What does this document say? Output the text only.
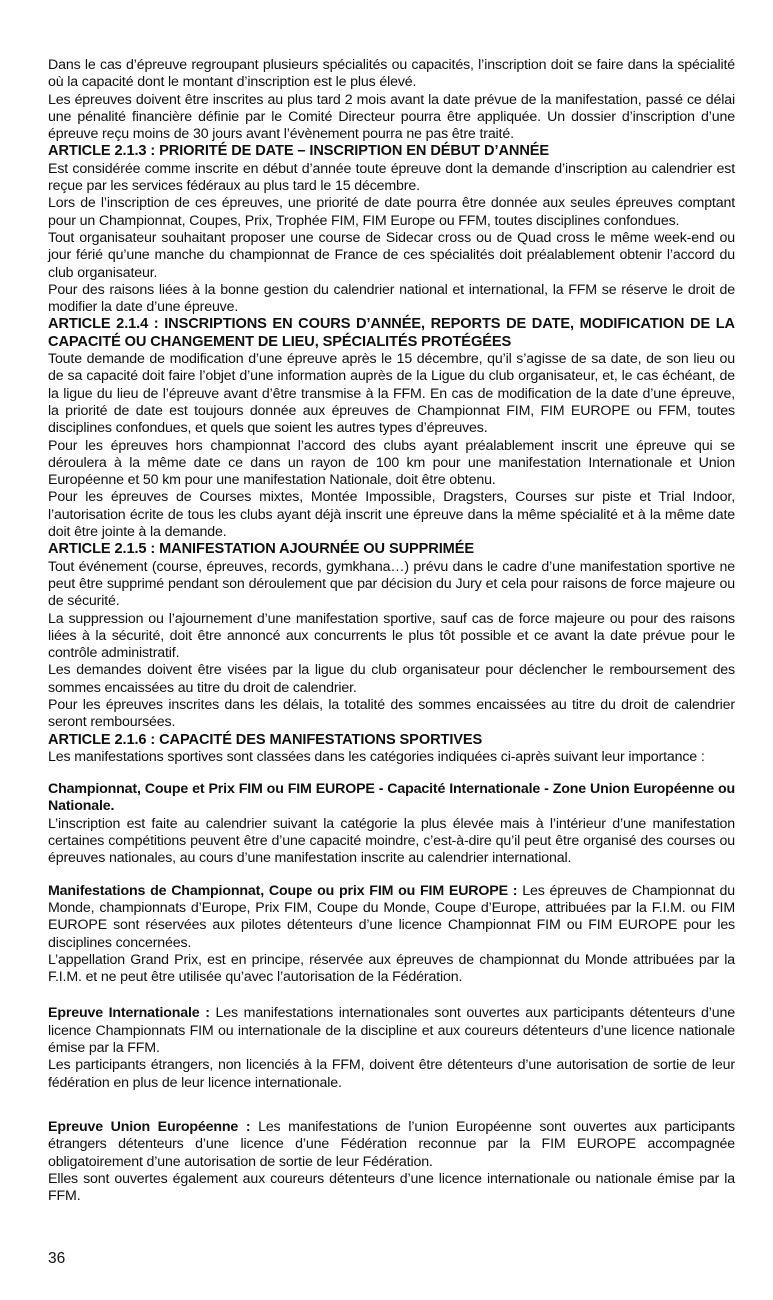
Dans le cas d’épreuve regroupant plusieurs spécialités ou capacités, l’inscription doit se faire dans la spécialité où la capacité dont le montant d’inscription est le plus élevé.

Les épreuves doivent être inscrites au plus tard 2 mois avant la date prévue de la manifestation, passé ce délai une pénalité financière définie par le Comité Directeur pourra être appliquée. Un dossier d’inscription d’une épreuve reçu moins de 30 jours avant l’évènement pourra ne pas être traité.

ARTICLE 2.1.3 : PRIORITÉ DE DATE – INSCRIPTION EN DÉBUT D’ANNÉE

Est considérée comme inscrite en début d’année toute épreuve dont la demande d’inscription au calendrier est reçue par les services fédéraux au plus tard le 15 décembre.

Lors de l’inscription de ces épreuves, une priorité de date pourra être donnée aux seules épreuves comptant pour un Championnat, Coupes, Prix, Trophée FIM, FIM Europe ou FFM, toutes disciplines confondues.

Tout organisateur souhaitant proposer une course de Sidecar cross ou de Quad cross le même week-end ou jour férié qu’une manche du championnat de France de ces spécialités doit préalablement obtenir l’accord du club organisateur.

Pour des raisons liées à la bonne gestion du calendrier national et international, la FFM se réserve le droit de modifier la date d’une épreuve.

ARTICLE 2.1.4 : INSCRIPTIONS EN COURS D’ANNÉE, REPORTS DE DATE, MODIFICATION DE LA CAPACITÉ OU CHANGEMENT DE LIEU, SPÉCIALITÉS PROTÉGÉES

Toute demande de modification d’une épreuve après le 15 décembre, qu’il s’agisse de sa date, de son lieu ou de sa capacité doit faire l’objet d’une information auprès de la Ligue du club organisateur, et, le cas échéant, de la ligue du lieu de l’épreuve avant d’être transmise à la FFM. En cas de modification de la date d’une épreuve, la priorité de date est toujours donnée aux épreuves de Championnat FIM, FIM EUROPE ou FFM, toutes disciplines confondues, et quels que soient les autres types d’épreuves.

Pour les épreuves hors championnat l’accord des clubs ayant préalablement inscrit une épreuve qui se déroulera à la même date ce dans un rayon de 100 km pour une manifestation Internationale et Union Européenne et 50 km pour une manifestation Nationale, doit être obtenu.

Pour les épreuves de Courses mixtes, Montée Impossible, Dragsters, Courses sur piste et Trial Indoor, l’autorisation écrite de tous les clubs ayant déjà inscrit une épreuve dans la même spécialité et à la même date doit être jointe à la demande.

ARTICLE 2.1.5 : MANIFESTATION AJOURNÉE OU SUPPRIMÉE

Tout événement (course, épreuves, records, gymkhana…) prévu dans le cadre d’une manifestation sportive ne peut être supprimé pendant son déroulement que par décision du Jury et cela pour raisons de force majeure ou de sécurité.

La suppression ou l’ajournement d’une manifestation sportive, sauf cas de force majeure ou pour des raisons liées à la sécurité, doit être annoncé aux concurrents le plus tôt possible et ce avant la date prévue pour le contrôle administratif.

Les demandes doivent être visées par la ligue du club organisateur pour déclencher le remboursement des sommes encaissées au titre du droit de calendrier.

Pour les épreuves inscrites dans les délais, la totalité des sommes encaissées au titre du droit de calendrier seront remboursées.

ARTICLE 2.1.6 : CAPACITÉ DES MANIFESTATIONS SPORTIVES

Les manifestations sportives sont classées dans les catégories indiquées ci-après suivant leur importance :

Championnat, Coupe et Prix FIM ou FIM EUROPE - Capacité Internationale - Zone Union Européenne ou Nationale.

L’inscription est faite au calendrier suivant la catégorie la plus élevée mais à l’intérieur d’une manifestation certaines compétitions peuvent être d’une capacité moindre, c’est-à-dire qu’il peut être organisé des courses ou épreuves nationales, au cours d’une manifestation inscrite au calendrier international.

Manifestations de Championnat, Coupe ou prix FIM ou FIM EUROPE : Les épreuves de Championnat du Monde, championnats d’Europe, Prix FIM, Coupe du Monde, Coupe d’Europe, attribuées par la F.I.M. ou FIM EUROPE sont réservées aux pilotes détenteurs d’une licence Championnat FIM ou FIM EUROPE pour les disciplines concernées.

L’appellation Grand Prix, est en principe, réservée aux épreuves de championnat du Monde attribuées par la F.I.M. et ne peut être utilisée qu’avec l’autorisation de la Fédération.

Epreuve Internationale : Les manifestations internationales sont ouvertes aux participants détenteurs d’une licence Championnats FIM ou internationale de la discipline et aux coureurs détenteurs d’une licence nationale émise par la FFM.

Les participants étrangers, non licenciés à la FFM, doivent être détenteurs d’une autorisation de sortie de leur fédération en plus de leur licence internationale.

Epreuve Union Européenne : Les manifestations de l’union Européenne sont ouvertes aux participants étrangers détenteurs d’une licence d’une Fédération reconnue par la FIM EUROPE accompagnée obligatoirement d’une autorisation de sortie de leur Fédération.

Elles sont ouvertes également aux coureurs détenteurs d’une licence internationale ou nationale émise par la FFM.

36
